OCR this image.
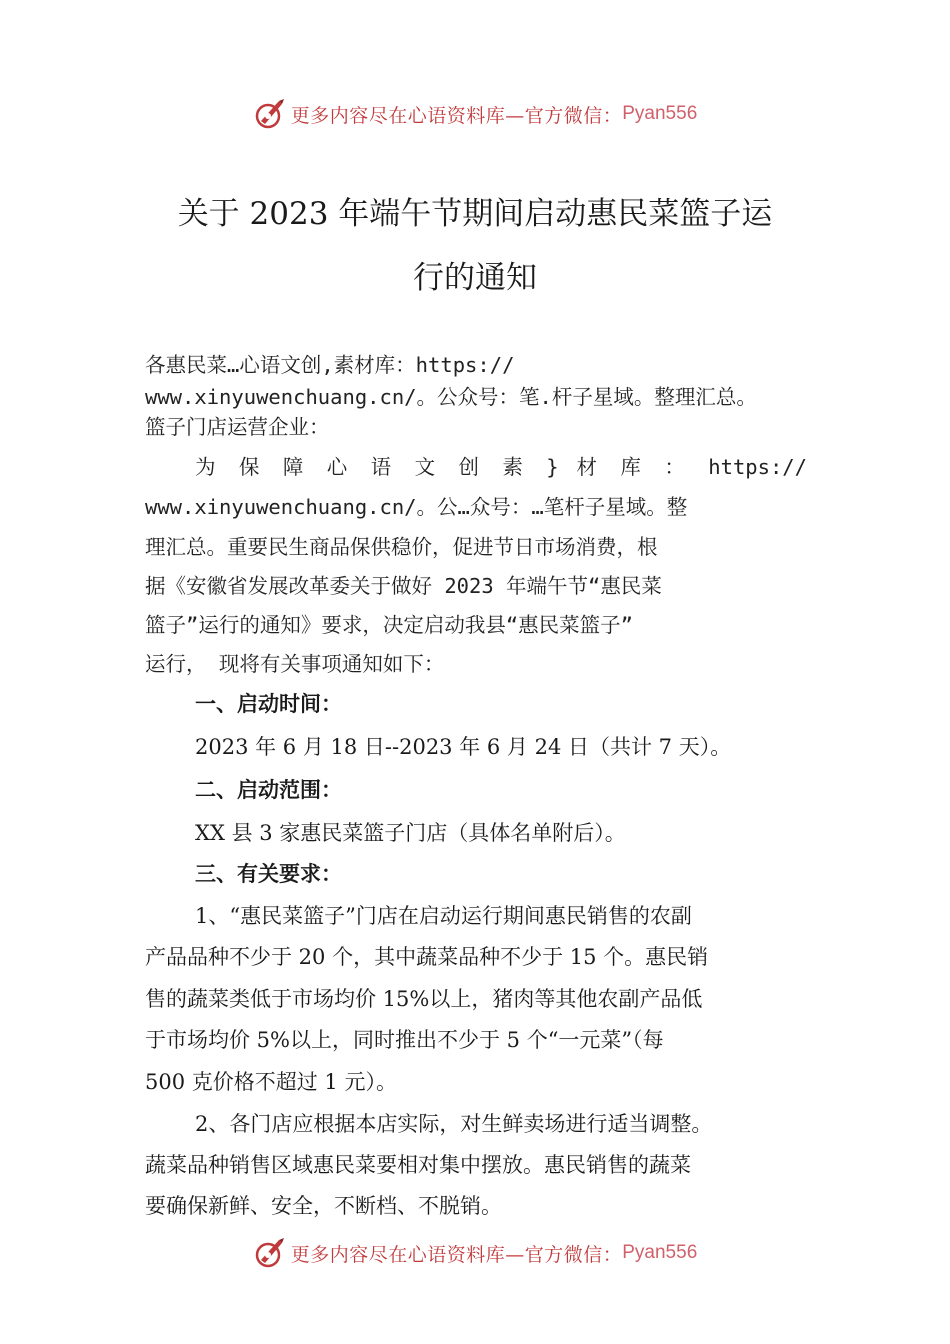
更多内容尽在心语资料库—官方微信： Pyan556
关于 2023 年端午节期间启动惠民菜篮子运
行的通知
各惠民菜…心语文创,素材库：https://
www.xinyuwenchuang.cn/。公众号：笔.杆子星域。整理汇总。
篮子门店运营企业：
为 保 障 心 语 文 创 素 } 材 库 ： https://
www.xinyuwenchuang.cn/。公…众号：…笔杆子星域。整
理汇总。重要民生商品保供稳价，促进节日市场消费，根
据《安徽省发展改革委关于做好 2023 年端午节“惠民菜
篮子”运行的通知》要求，决定启动我县“惠民菜篮子”
运行， 现将有关事项通知如下：
一、启动时间：
2023 年 6 月 18 日--2023 年 6 月 24 日（共计 7 天）。
二、启动范围：
XX 县 3 家惠民菜篮子门店（具体名单附后）。
三、有关要求：
1、“惠民菜篮子”门店在启动运行期间惠民销售的农副
产品品种不少于 20 个，其中蔬菜品种不少于 15 个。惠民销
售的蔬菜类低于市场均价 15%以上，猪肉等其他农副产品低
于市场均价 5%以上，同时推出不少于 5 个“一元菜”（每
500 克价格不超过 1 元）。
2、各门店应根据本店实际，对生鲜卖场进行适当调整。
蔬菜品种销售区域惠民菜要相对集中摆放。惠民销售的蔬菜
要确保新鲜、安全，不断档、不脱销。
更多内容尽在心语资料库—官方微信： Pyan556
